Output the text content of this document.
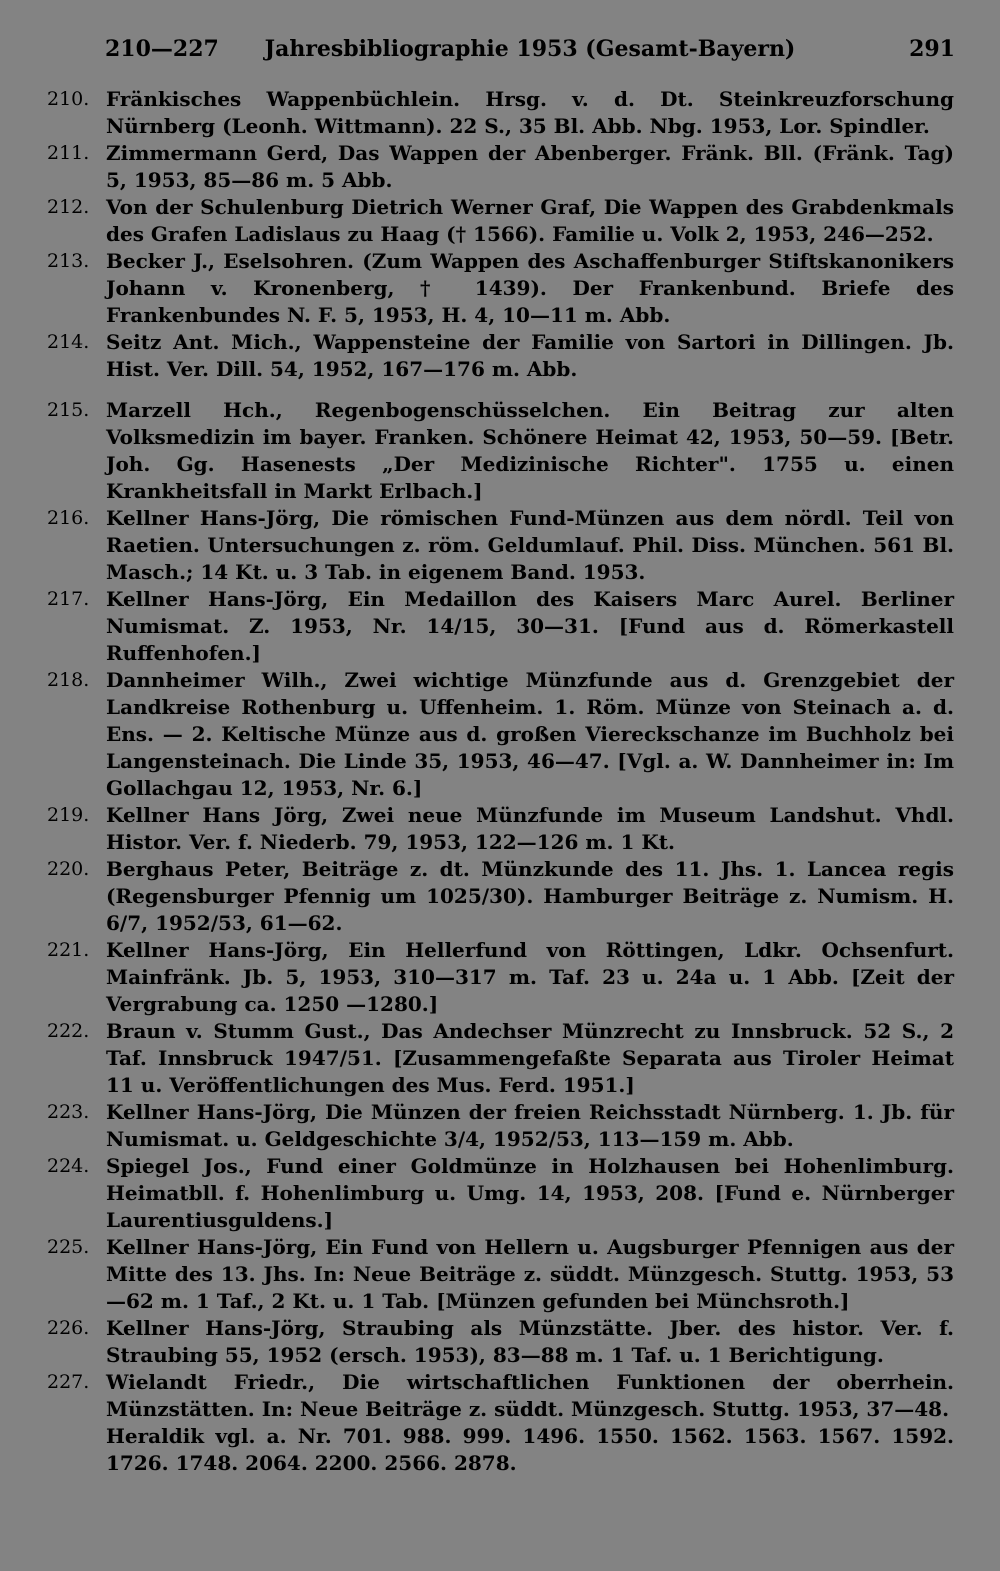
210—227	Jahresbibliographie 1953 (Gesamt-Bayern)	291
210. Fränkisches Wappenbüchlein. Hrsg. v. d. Dt. Steinkreuzforschung Nürnberg (Leonh. Wittmann). 22 S., 35 Bl. Abb. Nbg. 1953, Lor. Spindler.
211. Zimmermann Gerd, Das Wappen der Abenberger. Fränk. Bll. (Fränk. Tag) 5, 1953, 85—86 m. 5 Abb.
212. Von der Schulenburg Dietrich Werner Graf, Die Wappen des Grabdenkmals des Grafen Ladislaus zu Haag († 1566). Familie u. Volk 2, 1953, 246—252.
213. Becker J., Eselsohren. (Zum Wappen des Aschaffenburger Stiftskanonikers Johann v. Kronenberg, † 1439). Der Frankenbund. Briefe des Frankenbundes N. F. 5, 1953, H. 4, 10—11 m. Abb.
214. Seitz Ant. Mich., Wappensteine der Familie von Sartori in Dillingen. Jb. Hist. Ver. Dill. 54, 1952, 167—176 m. Abb.
215. Marzell Hch., Regenbogenschüsselchen. Ein Beitrag zur alten Volksmedizin im bayer. Franken. Schönere Heimat 42, 1953, 50—59. [Betr. Joh. Gg. Hasenests „Der Medizinische Richter". 1755 u. einen Krankheitsfall in Markt Erlbach.]
216. Kellner Hans-Jörg, Die römischen Fund-Münzen aus dem nördl. Teil von Raetien. Untersuchungen z. röm. Geldumlauf. Phil. Diss. München. 561 Bl. Masch.; 14 Kt. u. 3 Tab. in eigenem Band. 1953.
217. Kellner Hans-Jörg, Ein Medaillon des Kaisers Marc Aurel. Berliner Numismat. Z. 1953, Nr. 14/15, 30—31. [Fund aus d. Römerkastell Ruffenhofen.]
218. Dannheimer Wilh., Zwei wichtige Münzfunde aus d. Grenzgebiet der Landkreise Rothenburg u. Uffenheim. 1. Röm. Münze von Steinach a. d. Ens. — 2. Keltische Münze aus d. großen Viereckschanze im Buchholz bei Langensteinach. Die Linde 35, 1953, 46—47. [Vgl. a. W. Dannheimer in: Im Gollachgau 12, 1953, Nr. 6.]
219. Kellner Hans Jörg, Zwei neue Münzfunde im Museum Landshut. Vhdl. Histor. Ver. f. Niederb. 79, 1953, 122—126 m. 1 Kt.
220. Berghaus Peter, Beiträge z. dt. Münzkunde des 11. Jhs. 1. Lancea regis (Regensburger Pfennig um 1025/30). Hamburger Beiträge z. Numism. H. 6/7, 1952/53, 61—62.
221. Kellner Hans-Jörg, Ein Hellerfund von Röttingen, Ldkr. Ochsenfurt. Mainfränk. Jb. 5, 1953, 310—317 m. Taf. 23 u. 24a u. 1 Abb. [Zeit der Vergrabung ca. 1250 —1280.]
222. Braun v. Stumm Gust., Das Andechser Münzrecht zu Innsbruck. 52 S., 2 Taf. Innsbruck 1947/51. [Zusammengefaßte Separata aus Tiroler Heimat 11 u. Veröffentlichungen des Mus. Ferd. 1951.]
223. Kellner Hans-Jörg, Die Münzen der freien Reichsstadt Nürnberg. 1. Jb. für Numismat. u. Geldgeschichte 3/4, 1952/53, 113—159 m. Abb.
224. Spiegel Jos., Fund einer Goldmünze in Holzhausen bei Hohenlimburg. Heimatbll. f. Hohenlimburg u. Umg. 14, 1953, 208. [Fund e. Nürnberger Laurentiusguldens.]
225. Kellner Hans-Jörg, Ein Fund von Hellern u. Augsburger Pfennigen aus der Mitte des 13. Jhs. In: Neue Beiträge z. süddt. Münzgesch. Stuttg. 1953, 53—62 m. 1 Taf., 2 Kt. u. 1 Tab. [Münzen gefunden bei Münchsroth.]
226. Kellner Hans-Jörg, Straubing als Münzstätte. Jber. des histor. Ver. f. Straubing 55, 1952 (ersch. 1953), 83—88 m. 1 Taf. u. 1 Berichtigung.
227. Wielandt Friedr., Die wirtschaftlichen Funktionen der oberrhein. Münzstätten. In: Neue Beiträge z. süddt. Münzgesch. Stuttg. 1953, 37—48.
Heraldik vgl. a. Nr. 701. 988. 999. 1496. 1550. 1562. 1563. 1567. 1592. 1726. 1748. 2064. 2200. 2566. 2878.
